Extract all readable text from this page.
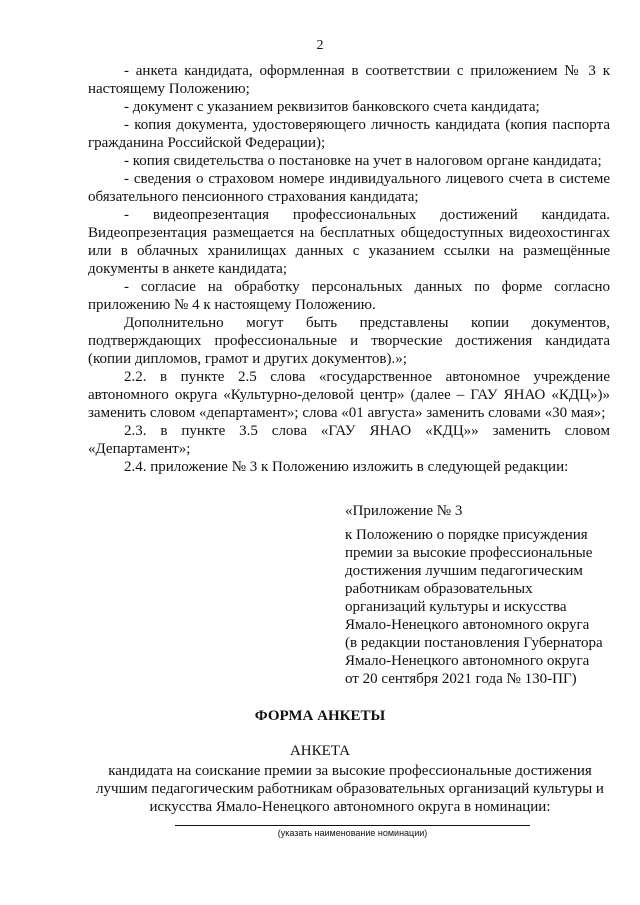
2

- анкета кандидата, оформленная в соответствии с приложением № 3 к настоящему Положению;

- документ с указанием реквизитов банковского счета кандидата;

- копия документа, удостоверяющего личность кандидата (копия паспорта гражданина Российской Федерации);

- копия свидетельства о постановке на учет в налоговом органе кандидата;

- сведения о страховом номере индивидуального лицевого счета в системе обязательного пенсионного страхования кандидата;

- видеопрезентация профессиональных достижений кандидата. Видеопрезентация размещается на бесплатных общедоступных видеохостингах или в облачных хранилищах данных с указанием ссылки на размещённые документы в анкете кандидата;

- согласие на обработку персональных данных по форме согласно приложению № 4 к настоящему Положению.

Дополнительно могут быть представлены копии документов, подтверждающих профессиональные и творческие достижения кандидата (копии дипломов, грамот и других документов).»;

2.2. в пункте 2.5 слова «государственное автономное учреждение автономного округа «Культурно-деловой центр» (далее – ГАУ ЯНАО «КДЦ»)» заменить словом «департамент»; слова «01 августа» заменить словами «30 мая»;

2.3. в пункте 3.5 слова «ГАУ ЯНАО «КДЦ»» заменить словом «Департамент»;

2.4. приложение № 3 к Положению изложить в следующей редакции:

«Приложение № 3
к Положению о порядке присуждения
премии за высокие профессиональные
достижения лучшим педагогическим
работникам образовательных
организаций культуры и искусства
Ямало-Ненецкого автономного округа
(в редакции постановления Губернатора
Ямало-Ненецкого автономного округа
от 20 сентября 2021 года № 130-ПГ)
ФОРМА АНКЕТЫ
АНКЕТА
кандидата на соискание премии за высокие профессиональные достижения
лучшим педагогическим работникам образовательных организаций культуры и
искусства Ямало-Ненецкого автономного округа в номинации:
(указать наименование номинации)
